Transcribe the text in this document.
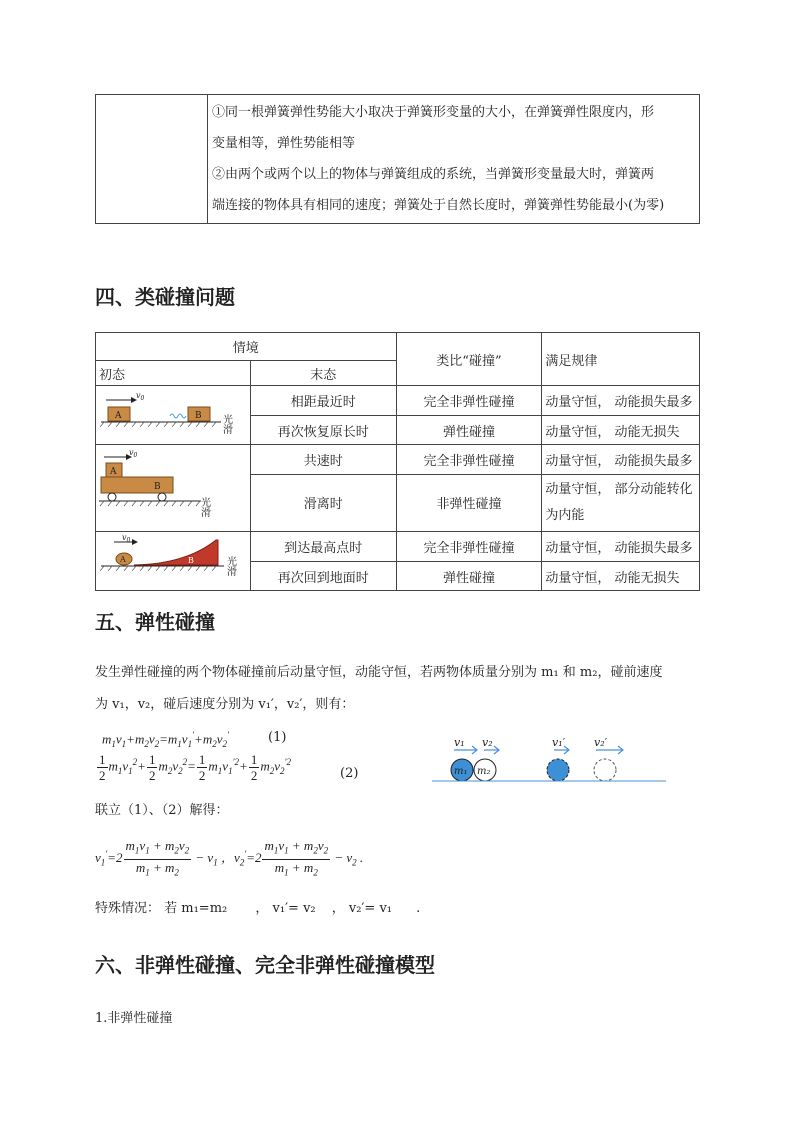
①同一根弹簧弹性势能大小取决于弹簧形变量的大小，在弹簧弹性限度内，形
变量相等，弹性势能相等
②由两个或两个以上的物体与弹簧组成的系统，当弹簧形变量最大时，弹簧两
端连接的物体具有相同的速度；弹簧处于自然长度时，弹簧弹性势能最小(为零)
四、类碰撞问题
情境		类比“碰撞”	满足规律
初态	末态		

$v_0$
A B 光滑	相距最近时	完全非弹性碰撞	动量守恒， 动能损失最多
	再次恢复原长时	弹性碰撞	动量守恒， 动能无损失

$v_0$
A
B
光滑	共速时	完全非弹性碰撞	动量守恒， 动能损失最多
	滑离时	非弹性碰撞	动量守恒， 部分动能转化为内能

$v_0$
A B 光滑	到达最高点时	完全非弹性碰撞	动量守恒， 动能损失最多
	再次回到地面时	弹性碰撞	动量守恒， 动能无损失
五、弹性碰撞
发生弹性碰撞的两个物体碰撞前后动量守恒，动能守恒，若两物体质量分别为 m₁ 和 m₂，碰前速度
为 v₁，v₂，碰后速度分别为 v₁′，v₂′，则有：
$m_1v_1+m_2v_2=m_1v_1'+m_2v_2'$	(1)
$\frac{1}{2} m_1v_1^2+ \frac{1}{2} m_2v_2^2= \frac{1}{2} m_1v_1^{'2}+ \frac{1}{2} m_2v_2^{'2}$
(2)
v₁ v₂
m₁ m₂
v₁′	v₂′
联立（1）、（2）解得：
$v_1'=2 \frac{m_1v_1 + m_2v_2}{m_1 + m_2} - v_1$ ，$v_2'=2 \frac{m_1v_1 + m_2v_2}{m_1 + m_2} - v_2$ .
特殊情况： 若 m₁=m₂ ， v₁′= v₂ ， v₂′= v₁ .
六、非弹性碰撞、完全非弹性碰撞模型
1.非弹性碰撞
